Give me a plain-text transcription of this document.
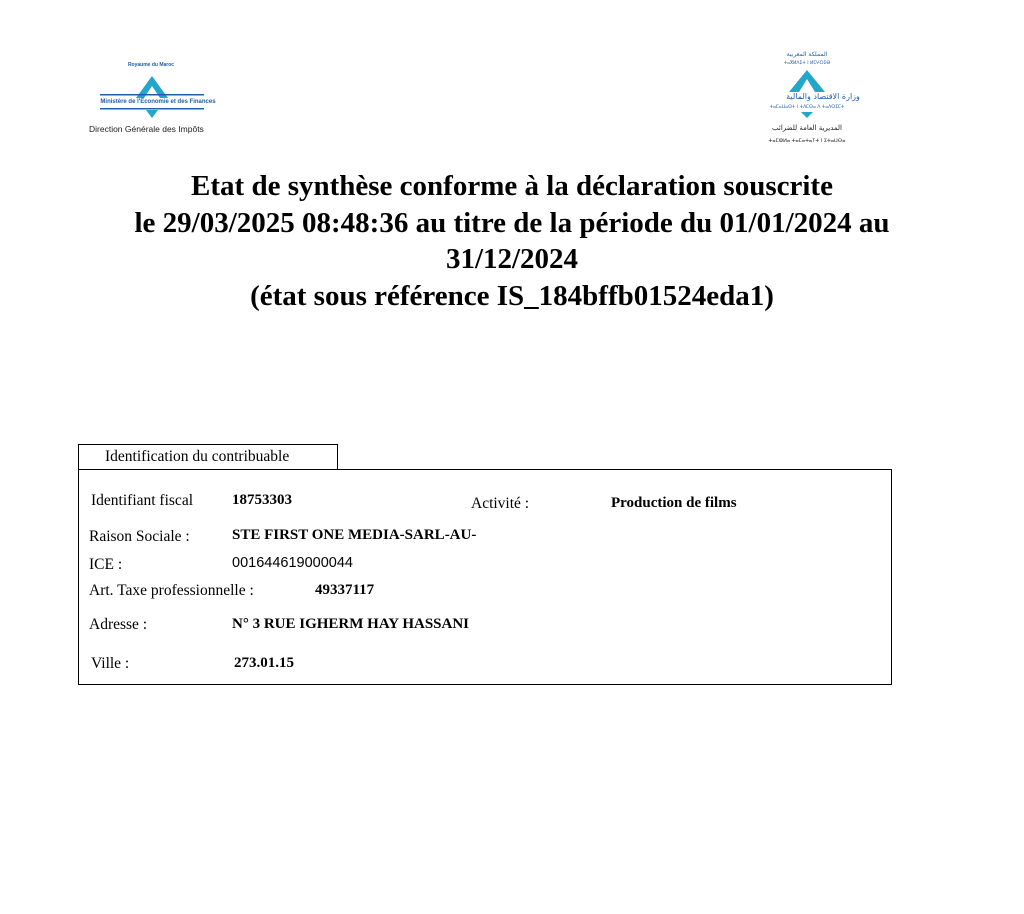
Royaume du Maroc
Ministère de l'Économie et des Finances
Direction Générale des Impôts
المملكة المغربية
ⵜⴰⴳⵍⴷⵉⵜ ⵏ ⵍⵎⵖⵔⵉⴱ
وزارة الاقتصاد والمالية
ⵜⴰⵎⴰⵡⴰⵙⵜ ⵏ ⵜⴷⵎⵙⴰ ⴷ ⵜⴰⴷⵔⵉⵎⵜ
المديرية العامة للضرائب
ⵜⴰⵎⵀⵍⴰ ⵜⴰⵎⴰⵜⴰⵢⵜ ⵏ ⵉⵜⴰⵡⵙⴰ
Etat de synthèse conforme à la déclaration souscrite
le 29/03/2025 08:48:36 au titre de la période du 01/01/2024 au
31/12/2024
(état sous référence IS_184bffb01524eda1)
Identification du contribuable
Identifiant fiscal	18753303	Activité :	Production de films
Raison Sociale :	STE FIRST ONE MEDIA-SARL-AU-
ICE :	001644619000044
Art. Taxe professionnelle :	49337117
Adresse :	N° 3 RUE IGHERM HAY HASSANI
Ville :	273.01.15
